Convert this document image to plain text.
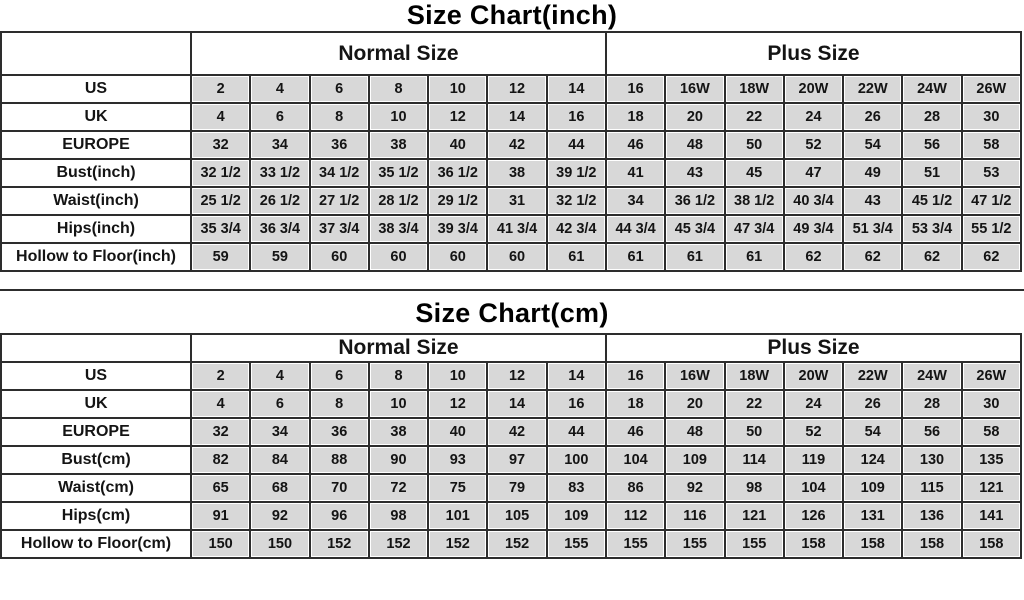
Size Chart(inch)
	Normal Size							Plus Size						
US	2	4	6	8	10	12	14	16	16W	18W	20W	22W	24W	26W
UK	4	6	8	10	12	14	16	18	20	22	24	26	28	30
EUROPE	32	34	36	38	40	42	44	46	48	50	52	54	56	58
Bust(inch)	32 1/2	33 1/2	34 1/2	35 1/2	36 1/2	38	39 1/2	41	43	45	47	49	51	53
Waist(inch)	25 1/2	26 1/2	27 1/2	28 1/2	29 1/2	31	32 1/2	34	36 1/2	38 1/2	40 3/4	43	45 1/2	47 1/2
Hips(inch)	35 3/4	36 3/4	37 3/4	38 3/4	39 3/4	41 3/4	42 3/4	44 3/4	45 3/4	47 3/4	49 3/4	51 3/4	53 3/4	55 1/2
Hollow to Floor(inch)	59	59	60	60	60	60	61	61	61	61	62	62	62	62
Size Chart(cm)
	Normal Size							Plus Size						
US	2	4	6	8	10	12	14	16	16W	18W	20W	22W	24W	26W
UK	4	6	8	10	12	14	16	18	20	22	24	26	28	30
EUROPE	32	34	36	38	40	42	44	46	48	50	52	54	56	58
Bust(cm)	82	84	88	90	93	97	100	104	109	114	119	124	130	135
Waist(cm)	65	68	70	72	75	79	83	86	92	98	104	109	115	121
Hips(cm)	91	92	96	98	101	105	109	112	116	121	126	131	136	141
Hollow to Floor(cm)	150	150	152	152	152	152	155	155	155	155	158	158	158	158
